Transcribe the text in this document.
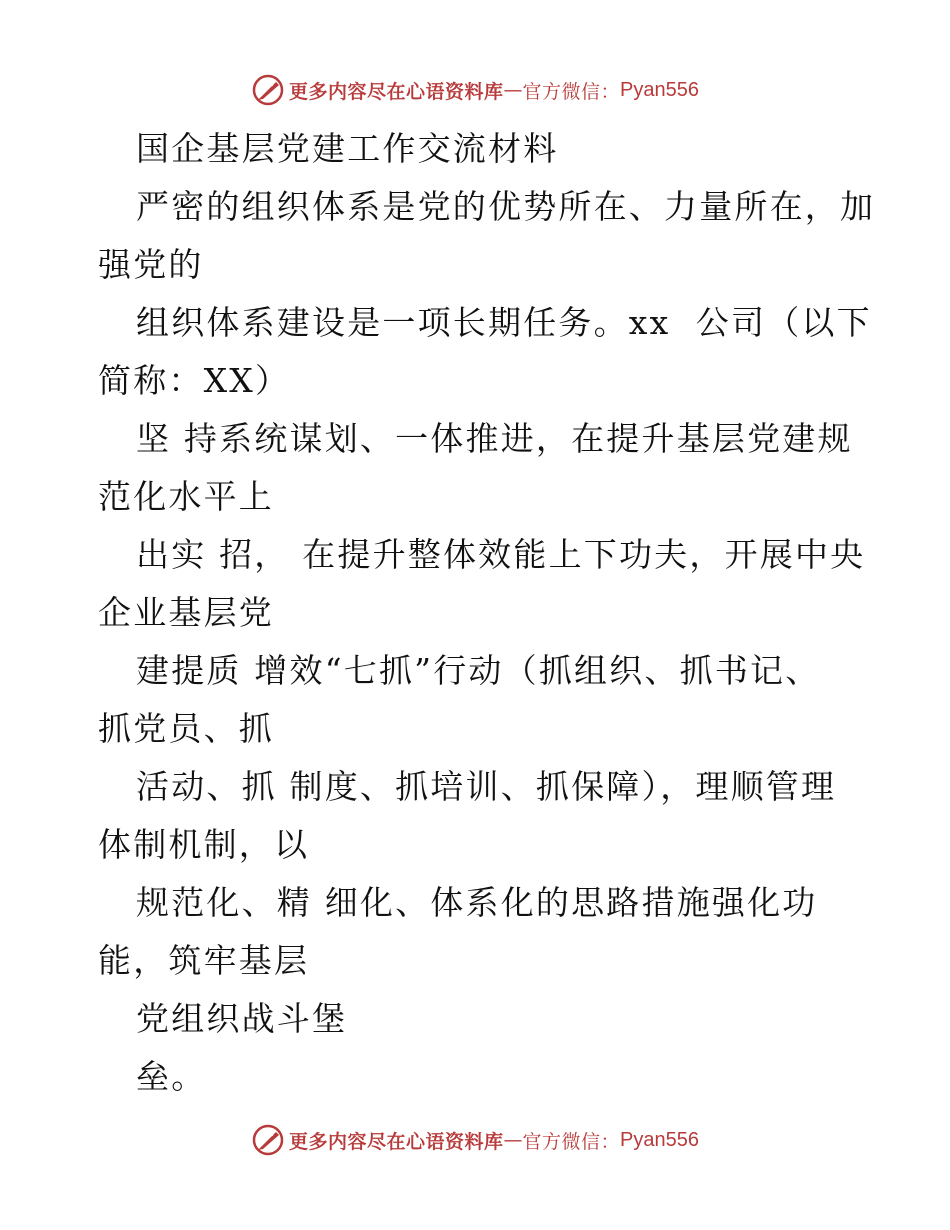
更多内容尽在心语资料库 — 官方微信： Pyan556
国企基层党建工作交流材料
严密的组织体系是党的优势所在、力量所在，加
强党的
组织体系建设是一项长期任务。xx  公司（以下
简称：XX）
坚 持系统谋划、一体推进，在提升基层党建规
范化水平上
出实 招， 在提升整体效能上下功夫，开展中央
企业基层党
建提质 增效“七抓”行动（抓组织、抓书记、
抓党员、抓
活动、抓 制度、抓培训、抓保障），理顺管理
体制机制，以
规范化、精 细化、体系化的思路措施强化功
能，筑牢基层
党组织战斗堡
垒。
更多内容尽在心语资料库 — 官方微信： Pyan556
